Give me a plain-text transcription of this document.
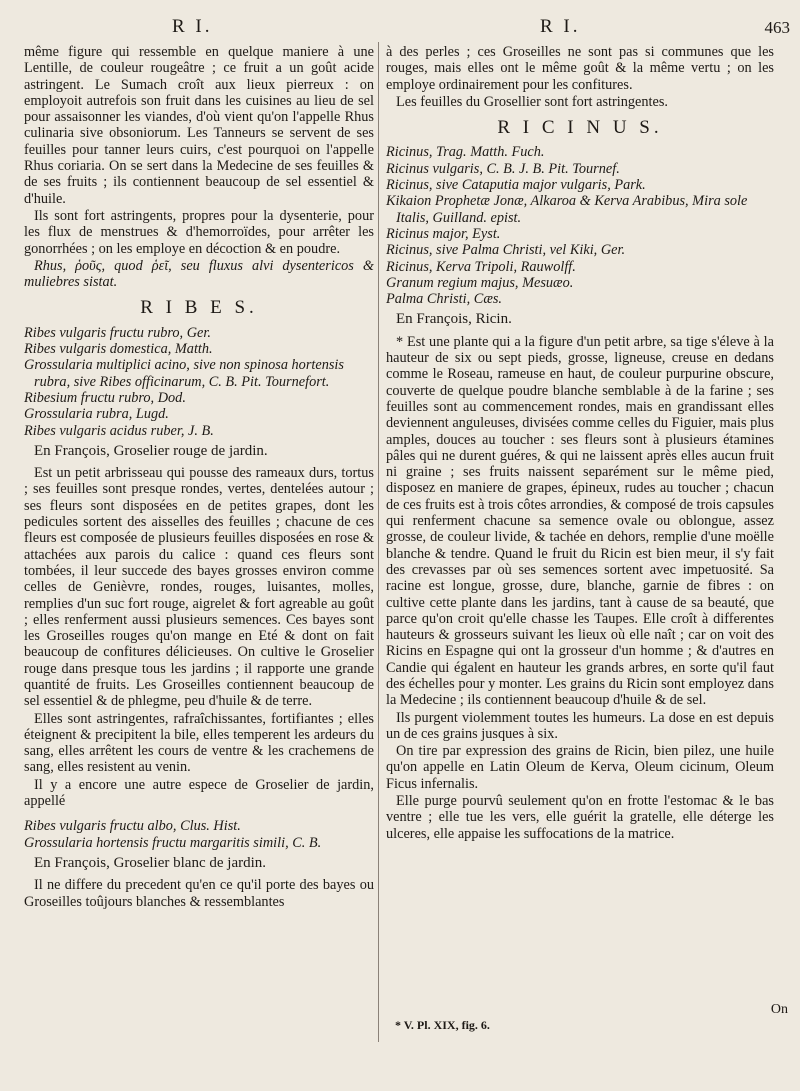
R I.	R I.	463

même figure qui ressemble en quelque maniere à une Lentille, de couleur rougeâtre ; ce fruit a un goût acide astringent. Le Sumach croît aux lieux pierreux : on employoit autrefois son fruit dans les cuisines au lieu de sel pour assaisonner les viandes, d'où vient qu'on l'appelle Rhus culinaria sive obsoniorum. Les Tanneurs se servent de ses feuilles pour tanner leurs cuirs, c'est pourquoi on l'appelle Rhus coriaria. On se sert dans la Medecine de ses feuilles & de ses fruits ; ils contiennent beaucoup de sel essentiel & d'huile.

Ils sont fort astringents, propres pour la dysenterie, pour les flux de menstrues & d'hemorroïdes, pour arrêter les gonorrhées ; on les employe en décoction & en poudre.

Rhus, ῥοῦς, quod ῥεῖ, seu fluxus alvi dysentericos & muliebres sistat.

R I B E S.

Ribes vulgaris fructu rubro, Ger.

Ribes vulgaris domestica, Matth.

Grossularia multiplici acino, sive non spinosa hortensis rubra, sive Ribes officinarum, C. B. Pit. Tournefort.

Ribesium fructu rubro, Dod.

Grossularia rubra, Lugd.

Ribes vulgaris acidus ruber, J. B.

En François, Groselier rouge de jardin.

Est un petit arbrisseau qui pousse des rameaux durs, tortus ; ses feuilles sont presque rondes, vertes, dentelées autour ; ses fleurs sont disposées en de petites grapes, dont les pedicules sortent des aisselles des feuilles ; chacune de ces fleurs est composée de plusieurs feuilles disposées en rose & attachées aux parois du calice : quand ces fleurs sont tombées, il leur succede des bayes grosses environ comme celles de Genièvre, rondes, rouges, luisantes, molles, remplies d'un suc fort rouge, aigrelet & fort agreable au goût ; elles renferment aussi plusieurs semences. Ces bayes sont les Groseilles rouges qu'on mange en Eté & dont on fait beaucoup de confitures délicieuses. On cultive le Groselier rouge dans presque tous les jardins ; il rapporte une grande quantité de fruits. Les Groseilles contiennent beaucoup de sel essentiel & de phlegme, peu d'huile & de terre.

Elles sont astringentes, rafraîchissantes, fortifiantes ; elles éteignent & precipitent la bile, elles temperent les ardeurs du sang, elles arrêtent les cours de ventre & les crachemens de sang, elles resistent au venin.

Il y a encore une autre espece de Groselier de jardin, appellé

Ribes vulgaris fructu albo, Clus. Hist.

Grossularia hortensis fructu margaritis simili, C. B.

En François, Groselier blanc de jardin.

Il ne differe du precedent qu'en ce qu'il porte des bayes ou Groseilles toûjours blanches & ressemblantes

à des perles ; ces Groseilles ne sont pas si communes que les rouges, mais elles ont le même goût & la même vertu ; on les employe ordinairement pour les confitures.

Les feuilles du Grosellier sont fort astringentes.

R I C I N U S.

Ricinus, Trag. Matth. Fuch.

Ricinus vulgaris, C. B. J. B. Pit. Tournef.

Ricinus, sive Cataputia major vulgaris, Park.

Kikaion Prophetæ Jonæ, Alkaroa & Kerva Arabibus, Mira sole Italis, Guilland. epist.

Ricinus major, Eyst.

Ricinus, sive Palma Christi, vel Kiki, Ger.

Ricinus, Kerva Tripoli, Rauwolff.

Granum regium majus, Mesuæo.

Palma Christi, Cæs.

En François, Ricin.

* Est une plante qui a la figure d'un petit arbre, sa tige s'éleve à la hauteur de six ou sept pieds, grosse, ligneuse, creuse en dedans comme le Roseau, rameuse en haut, de couleur purpurine obscure, couverte de quelque poudre blanche semblable à de la farine ; ses feuilles sont au commencement rondes, mais en grandissant elles deviennent anguleuses, divisées comme celles du Figuier, mais plus amples, douces au toucher : ses fleurs sont à plusieurs étamines pâles qui ne durent guéres, & qui ne laissent après elles aucun fruit ni graine ; ses fruits naissent separément sur le même pied, disposez en maniere de grapes, épineux, rudes au toucher ; chacun de ces fruits est à trois côtes arrondies, & composé de trois capsules qui renferment chacune sa semence ovale ou oblongue, assez grosse, de couleur livide, & tachée en dehors, remplie d'une moëlle blanche & tendre. Quand le fruit du Ricin est bien meur, il s'y fait des crevasses par où ses semences sortent avec impetuosité. Sa racine est longue, grosse, dure, blanche, garnie de fibres : on cultive cette plante dans les jardins, tant à cause de sa beauté, que parce qu'on croit qu'elle chasse les Taupes. Elle croît à differentes hauteurs & grosseurs suivant les lieux où elle naît ; car on voit des Ricins en Espagne qui ont la grosseur d'un homme ; & d'autres en Candie qui égalent en hauteur les grands arbres, en sorte qu'il faut des échelles pour y monter. Les grains du Ricin sont employez dans la Medecine ; ils contiennent beaucoup d'huile & de sel.

Ils purgent violemment toutes les humeurs. La dose en est depuis un de ces grains jusques à six.

On tire par expression des grains de Ricin, bien pilez, une huile qu'on appelle en Latin Oleum de Kerva, Oleum cicinum, Oleum Ficus infernalis.

Elle purge pourvû seulement qu'on en frotte l'estomac & le bas ventre ; elle tue les vers, elle guérit la gratelle, elle déterge les ulceres, elle appaise les suffocations de la matrice.

On
* V. Pl. XIX, fig. 6.
